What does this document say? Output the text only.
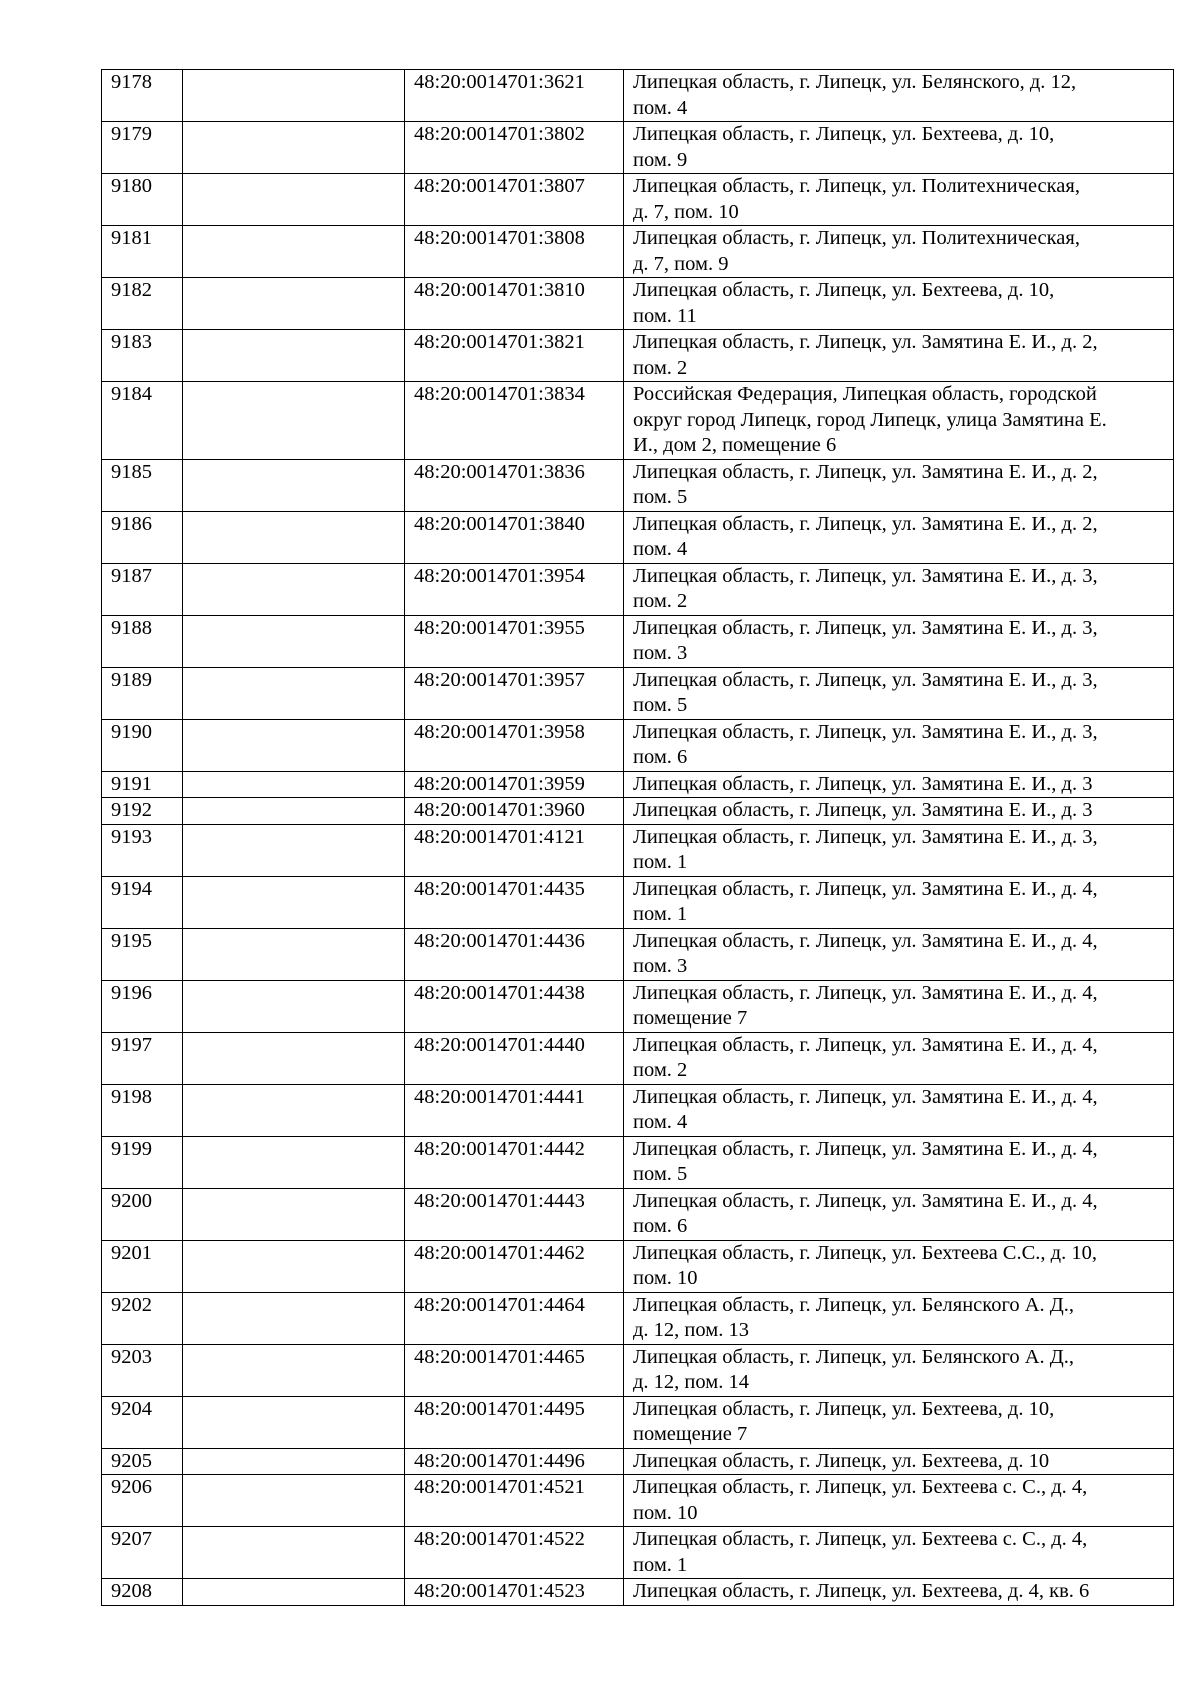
9178		48:20:0014701:3621	Липецкая область, г. Липецк, ул. Белянского, д. 12,
пом. 4
9179		48:20:0014701:3802	Липецкая область, г. Липецк, ул. Бехтеева, д. 10,
пом. 9
9180		48:20:0014701:3807	Липецкая область, г. Липецк, ул. Политехническая,
д. 7, пом. 10
9181		48:20:0014701:3808	Липецкая область, г. Липецк, ул. Политехническая,
д. 7, пом. 9
9182		48:20:0014701:3810	Липецкая область, г. Липецк, ул. Бехтеева, д. 10,
пом. 11
9183		48:20:0014701:3821	Липецкая область, г. Липецк, ул. Замятина Е. И., д. 2,
пом. 2
9184		48:20:0014701:3834	Российская Федерация, Липецкая область, городской
округ город Липецк, город Липецк, улица Замятина Е.
И., дом 2, помещение 6
9185		48:20:0014701:3836	Липецкая область, г. Липецк, ул. Замятина Е. И., д. 2,
пом. 5
9186		48:20:0014701:3840	Липецкая область, г. Липецк, ул. Замятина Е. И., д. 2,
пом. 4
9187		48:20:0014701:3954	Липецкая область, г. Липецк, ул. Замятина Е. И., д. 3,
пом. 2
9188		48:20:0014701:3955	Липецкая область, г. Липецк, ул. Замятина Е. И., д. 3,
пом. 3
9189		48:20:0014701:3957	Липецкая область, г. Липецк, ул. Замятина Е. И., д. 3,
пом. 5
9190		48:20:0014701:3958	Липецкая область, г. Липецк, ул. Замятина Е. И., д. 3,
пом. 6
9191		48:20:0014701:3959	Липецкая область, г. Липецк, ул. Замятина Е. И., д. 3
9192		48:20:0014701:3960	Липецкая область, г. Липецк, ул. Замятина Е. И., д. 3
9193		48:20:0014701:4121	Липецкая область, г. Липецк, ул. Замятина Е. И., д. 3,
пом. 1
9194		48:20:0014701:4435	Липецкая область, г. Липецк, ул. Замятина Е. И., д. 4,
пом. 1
9195		48:20:0014701:4436	Липецкая область, г. Липецк, ул. Замятина Е. И., д. 4,
пом. 3
9196		48:20:0014701:4438	Липецкая область, г. Липецк, ул. Замятина Е. И., д. 4,
помещение 7
9197		48:20:0014701:4440	Липецкая область, г. Липецк, ул. Замятина Е. И., д. 4,
пом. 2
9198		48:20:0014701:4441	Липецкая область, г. Липецк, ул. Замятина Е. И., д. 4,
пом. 4
9199		48:20:0014701:4442	Липецкая область, г. Липецк, ул. Замятина Е. И., д. 4,
пом. 5
9200		48:20:0014701:4443	Липецкая область, г. Липецк, ул. Замятина Е. И., д. 4,
пом. 6
9201		48:20:0014701:4462	Липецкая область, г. Липецк, ул. Бехтеева С.С., д. 10,
пом. 10
9202		48:20:0014701:4464	Липецкая область, г. Липецк, ул. Белянского А. Д.,
д. 12, пом. 13
9203		48:20:0014701:4465	Липецкая область, г. Липецк, ул. Белянского А. Д.,
д. 12, пом. 14
9204		48:20:0014701:4495	Липецкая область, г. Липецк, ул. Бехтеева, д. 10,
помещение 7
9205		48:20:0014701:4496	Липецкая область, г. Липецк, ул. Бехтеева, д. 10
9206		48:20:0014701:4521	Липецкая область, г. Липецк, ул. Бехтеева с. С., д. 4,
пом. 10
9207		48:20:0014701:4522	Липецкая область, г. Липецк, ул. Бехтеева с. С., д. 4,
пом. 1
9208		48:20:0014701:4523	Липецкая область, г. Липецк, ул. Бехтеева, д. 4, кв. 6
